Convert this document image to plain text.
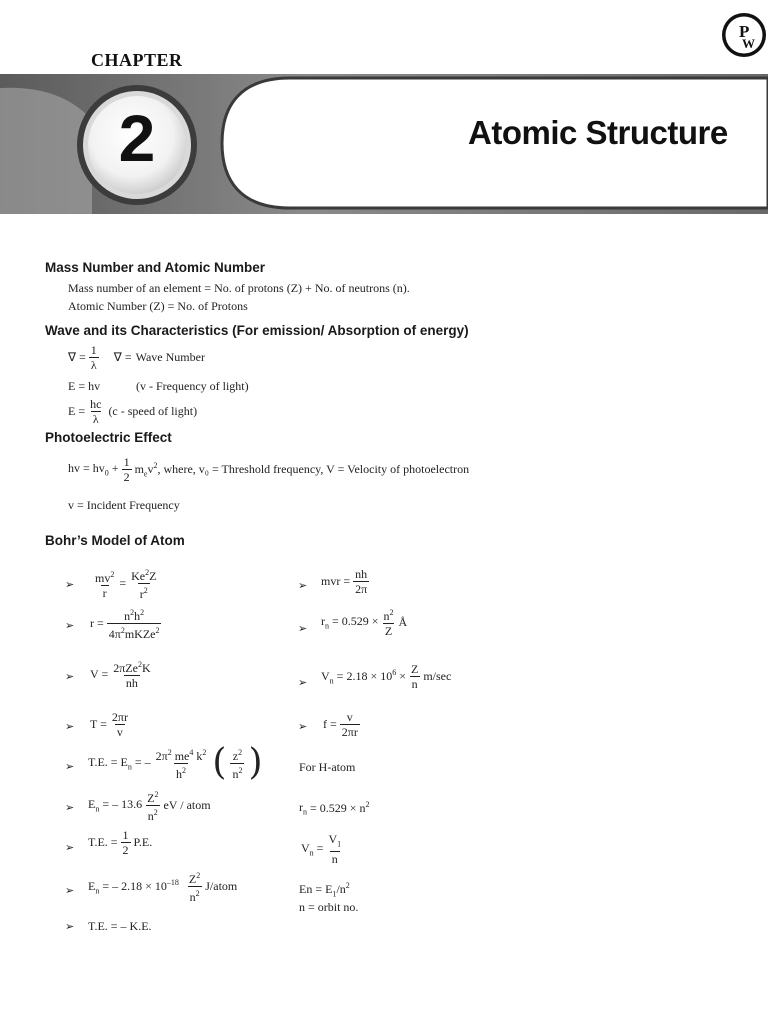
CHAPTER
2	Atomic Structure
P
W
Mass Number and Atomic Number
Mass number of an element = No. of protons (Z) + No. of neutrons (n).
Atomic Number (Z) = No. of Protons
Wave and its Characteristics (For emission/ Absorption of energy)
∇ = $\frac{1}{\lambda}$ ∇ = Wave Number
E = hv	(v - Frequency of light)
$E = \frac{hc}{\lambda} (c$ - speed of light)
Photoelectric Effect
hv = $hv_0 + \frac{1}{2} m_ev^2$, where, v₀ = Threshold frequency, V = Velocity of photoelectron
v = Incident Frequency
Bohr’s Model of Atom
➢ $\frac{mv^2}{r} = \frac{Ke^2Z}{r^2}$
➢ $r = \frac{n^2h^2}{4\pi^2mKZe^2}$
➢ $V = \frac{2\pi Ze^2K}{nh}$
➢ $T = \frac{2\pi r}{v}$
➢ T.E. = $E_n$ = – $\frac{2\pi^2 me^4 k^2}{h^2}$ ( $\frac{z^2}{n^2}$ )
➢ $E_n$ = – $13.6 \frac{Z^2}{n^2}$ eV / atom
➢ T.E. = $\frac{1}{2} P.E$.
➢ $E_n$ = – $2.18 \times 10^{-18} \frac{Z^2}{n^2}$ J/atom
➢ T.E. = – K.E.
➢ mvr = $\frac{nh}{2\pi}$
➢
$r_n = 0.529 \times \frac{n^2}{Z}$ Å
➢ $V_n = 2.18 \times 10^6 \times \frac{Z}{n} m/\sec$
➢ $f = \frac{v}{2\pi r}$
For H-atom
$r_n = 0.529 \times n^2$
$V_n = \frac{V_1}{n}$
$En = E_1/n^2$
n = orbit no.
